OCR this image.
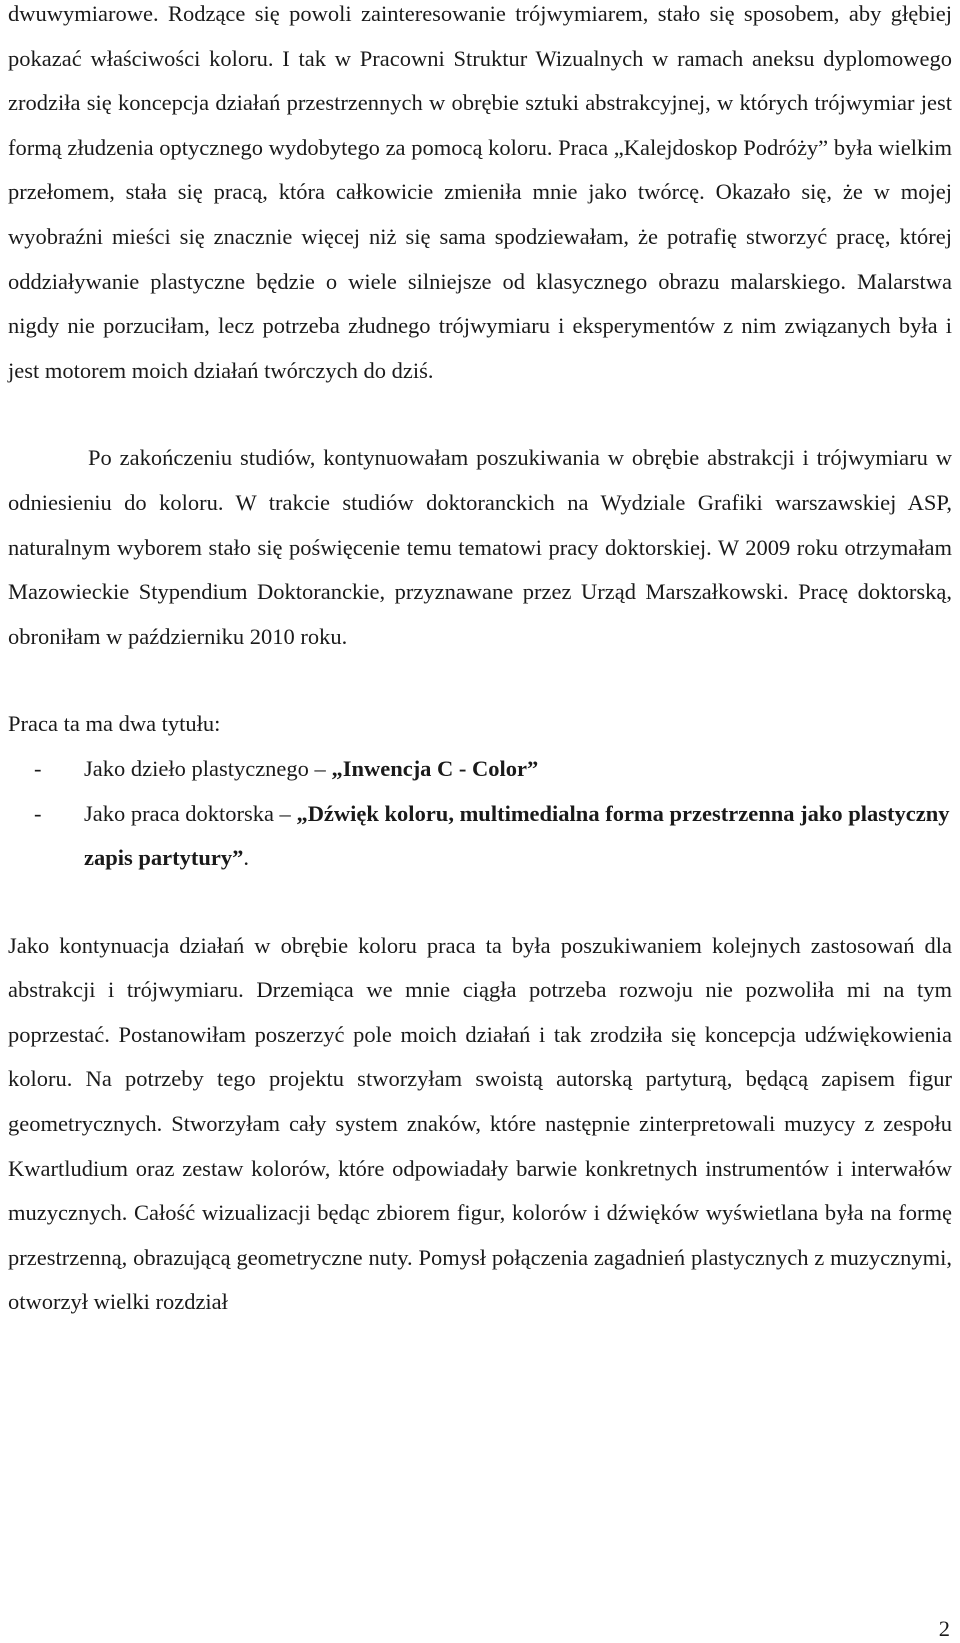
dwuwymiarowe. Rodzące się powoli zainteresowanie trójwymiarem, stało się sposobem, aby głębiej pokazać właściwości koloru. I tak w Pracowni Struktur Wizualnych w ramach aneksu dyplomowego zrodziła się koncepcja działań przestrzennych w obrębie sztuki abstrakcyjnej, w których trójwymiar jest formą złudzenia optycznego wydobytego za pomocą koloru. Praca „Kalejdoskop Podróży” była wielkim przełomem, stała się pracą, która całkowicie zmieniła mnie jako twórcę. Okazało się, że w mojej wyobraźni mieści się znacznie więcej niż się sama spodziewałam, że potrafię stworzyć pracę, której oddziaływanie plastyczne będzie o wiele silniejsze od klasycznego obrazu malarskiego. Malarstwa nigdy nie porzuciłam, lecz potrzeba złudnego trójwymiaru i eksperymentów z nim związanych była i jest motorem moich działań twórczych do dziś.

Po zakończeniu studiów, kontynuowałam poszukiwania w obrębie abstrakcji i trójwymiaru w odniesieniu do koloru. W trakcie studiów doktoranckich na Wydziale Grafiki warszawskiej ASP, naturalnym wyborem stało się poświęcenie temu tematowi pracy doktorskiej. W 2009 roku otrzymałam Mazowieckie Stypendium Doktoranckie, przyznawane przez Urząd Marszałkowski. Pracę doktorską, obroniłam w październiku 2010 roku.

Praca ta ma dwa tytułu:

- Jako dzieło plastycznego – „Inwencja C - Color”
- Jako praca doktorska – „Dźwięk koloru, multimedialna forma przestrzenna jako plastyczny zapis partytury”.

Jako kontynuacja działań w obrębie koloru praca ta była poszukiwaniem kolejnych zastosowań dla abstrakcji i trójwymiaru. Drzemiąca we mnie ciągła potrzeba rozwoju nie pozwoliła mi na tym poprzestać. Postanowiłam poszerzyć pole moich działań i tak zrodziła się koncepcja udźwiękowienia koloru. Na potrzeby tego projektu stworzyłam swoistą autorską partyturą, będącą zapisem figur geometrycznych. Stworzyłam cały system znaków, które następnie zinterpretowali muzycy z zespołu Kwartludium oraz zestaw kolorów, które odpowiadały barwie konkretnych instrumentów i interwałów muzycznych. Całość wizualizacji będąc zbiorem figur, kolorów i dźwięków wyświetlana była na formę przestrzenną, obrazującą geometryczne nuty. Pomysł połączenia zagadnień plastycznych z muzycznymi, otworzył wielki rozdział

2
